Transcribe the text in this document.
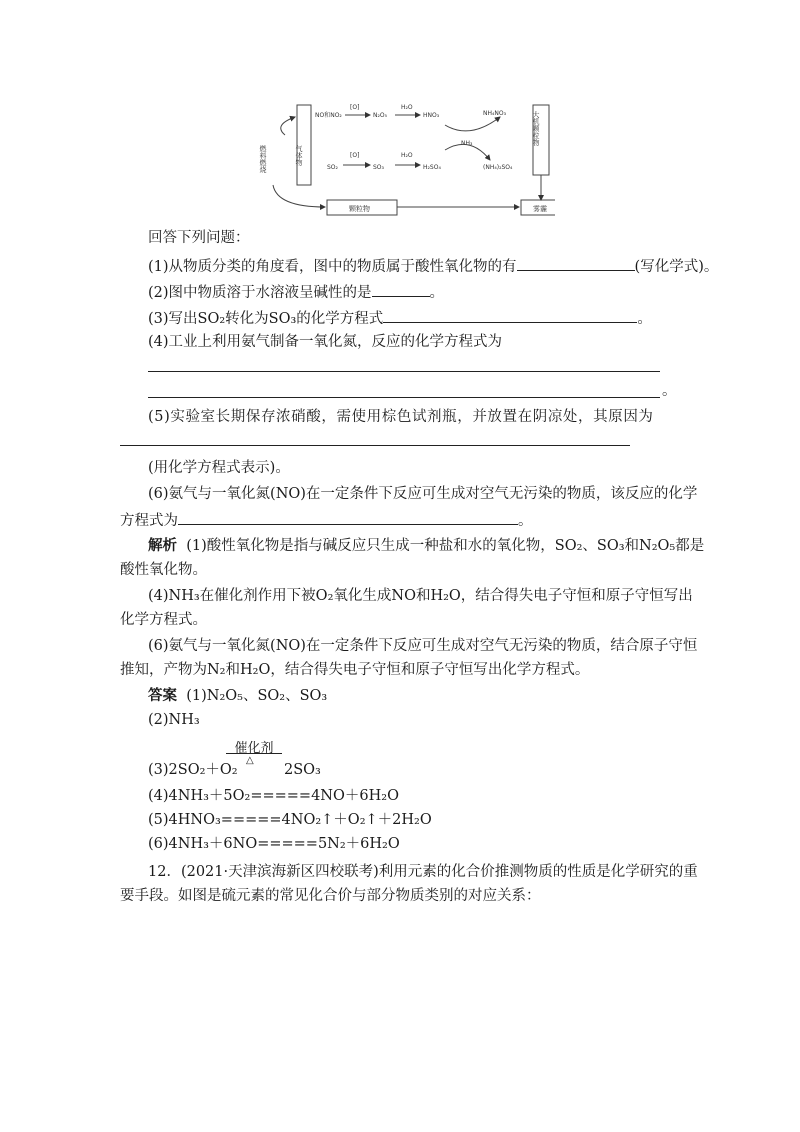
气体物
燃料燃烧
NO和NO₂
[O]
N₂O₅
H₂O
HNO₃	NH₄NO₃
[O]
SO₂	SO₃
H₂O
H₂SO₄
NH₃
(NH₄)₂SO₄
大机颗粒物
颗粒物	雾霾
回答下列问题：
(1)从物质分类的角度看，图中的物质属于酸性氧化物的有	(写化学式)。
(2)图中物质溶于水溶液呈碱性的是	。
(3)写出SO₂转化为SO₃的化学方程式	。
(4)工业上利用氨气制备一氧化氮，反应的化学方程式为
。
(5)实验室长期保存浓硝酸，需使用棕色试剂瓶，并放置在阴凉处，其原因为
(用化学方程式表示)。
(6)氨气与一氧化氮(NO)在一定条件下反应可生成对空气无污染的物质，该反应的化学
方程式为	。
解析 (1)酸性氧化物是指与碱反应只生成一种盐和水的氧化物，SO₂、SO₃和N₂O₅都是
酸性氧化物。
(4)NH₃在催化剂作用下被O₂氧化生成NO和H₂O，结合得失电子守恒和原子守恒写出
化学方程式。
(6)氨气与一氧化氮(NO)在一定条件下反应可生成对空气无污染的物质，结合原子守恒
推知，产物为N₂和H₂O，结合得失电子守恒和原子守恒写出化学方程式。
答案 (1)N₂O₅、SO₂、SO₃
(2)NH₃
催化剂
△
(3)2SO₂＋O₂	2SO₃
(4)4NH₃＋5O₂=====4NO＋6H₂O
(5)4HNO₃=====4NO₂↑＋O₂↑＋2H₂O
(6)4NH₃＋6NO=====5N₂＋6H₂O
12．(2021·天津滨海新区四校联考)利用元素的化合价推测物质的性质是化学研究的重
要手段。如图是硫元素的常见化合价与部分物质类别的对应关系：
